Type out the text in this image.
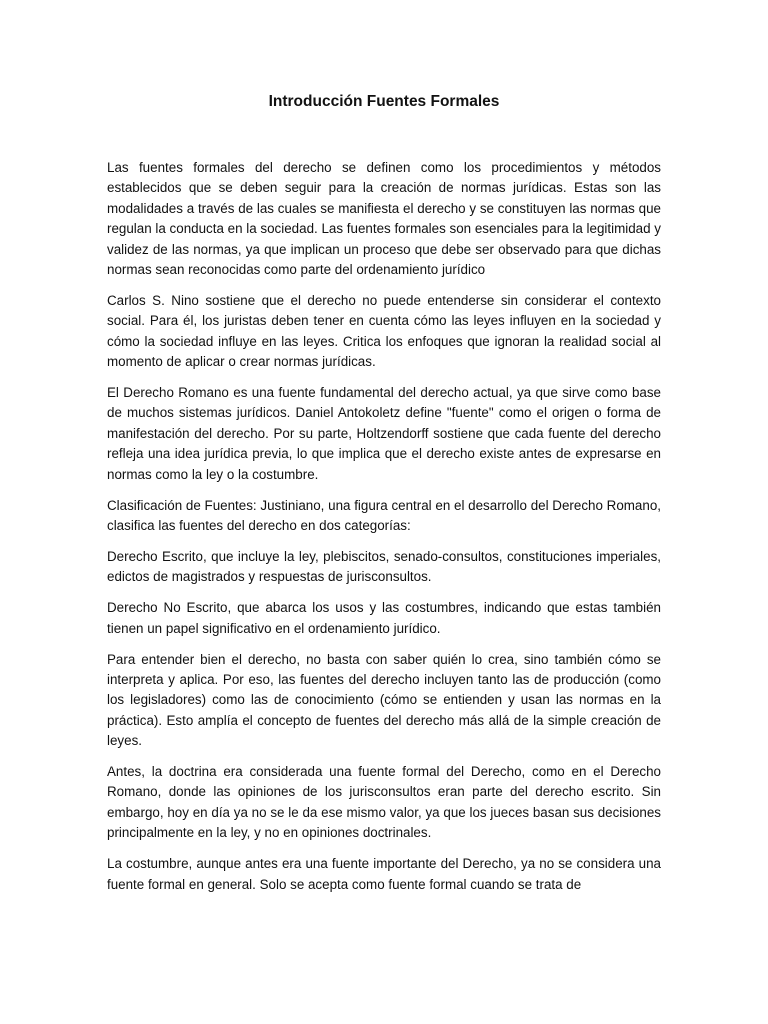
Introducción Fuentes Formales

Las fuentes formales del derecho se definen como los procedimientos y métodos establecidos que se deben seguir para la creación de normas jurídicas. Estas son las modalidades a través de las cuales se manifiesta el derecho y se constituyen las normas que regulan la conducta en la sociedad. Las fuentes formales son esenciales para la legitimidad y validez de las normas, ya que implican un proceso que debe ser observado para que dichas normas sean reconocidas como parte del ordenamiento jurídico

Carlos S. Nino sostiene que el derecho no puede entenderse sin considerar el contexto social. Para él, los juristas deben tener en cuenta cómo las leyes influyen en la sociedad y cómo la sociedad influye en las leyes. Critica los enfoques que ignoran la realidad social al momento de aplicar o crear normas jurídicas.

El Derecho Romano es una fuente fundamental del derecho actual, ya que sirve como base de muchos sistemas jurídicos. Daniel Antokoletz define "fuente" como el origen o forma de manifestación del derecho. Por su parte, Holtzendorff sostiene que cada fuente del derecho refleja una idea jurídica previa, lo que implica que el derecho existe antes de expresarse en normas como la ley o la costumbre.

Clasificación de Fuentes: Justiniano, una figura central en el desarrollo del Derecho Romano, clasifica las fuentes del derecho en dos categorías:

Derecho Escrito, que incluye la ley, plebiscitos, senado-consultos, constituciones imperiales, edictos de magistrados y respuestas de jurisconsultos.

Derecho No Escrito, que abarca los usos y las costumbres, indicando que estas también tienen un papel significativo en el ordenamiento jurídico.

Para entender bien el derecho, no basta con saber quién lo crea, sino también cómo se interpreta y aplica. Por eso, las fuentes del derecho incluyen tanto las de producción (como los legisladores) como las de conocimiento (cómo se entienden y usan las normas en la práctica). Esto amplía el concepto de fuentes del derecho más allá de la simple creación de leyes.

Antes, la doctrina era considerada una fuente formal del Derecho, como en el Derecho Romano, donde las opiniones de los jurisconsultos eran parte del derecho escrito. Sin embargo, hoy en día ya no se le da ese mismo valor, ya que los jueces basan sus decisiones principalmente en la ley, y no en opiniones doctrinales.

La costumbre, aunque antes era una fuente importante del Derecho, ya no se considera una fuente formal en general. Solo se acepta como fuente formal cuando se trata de
